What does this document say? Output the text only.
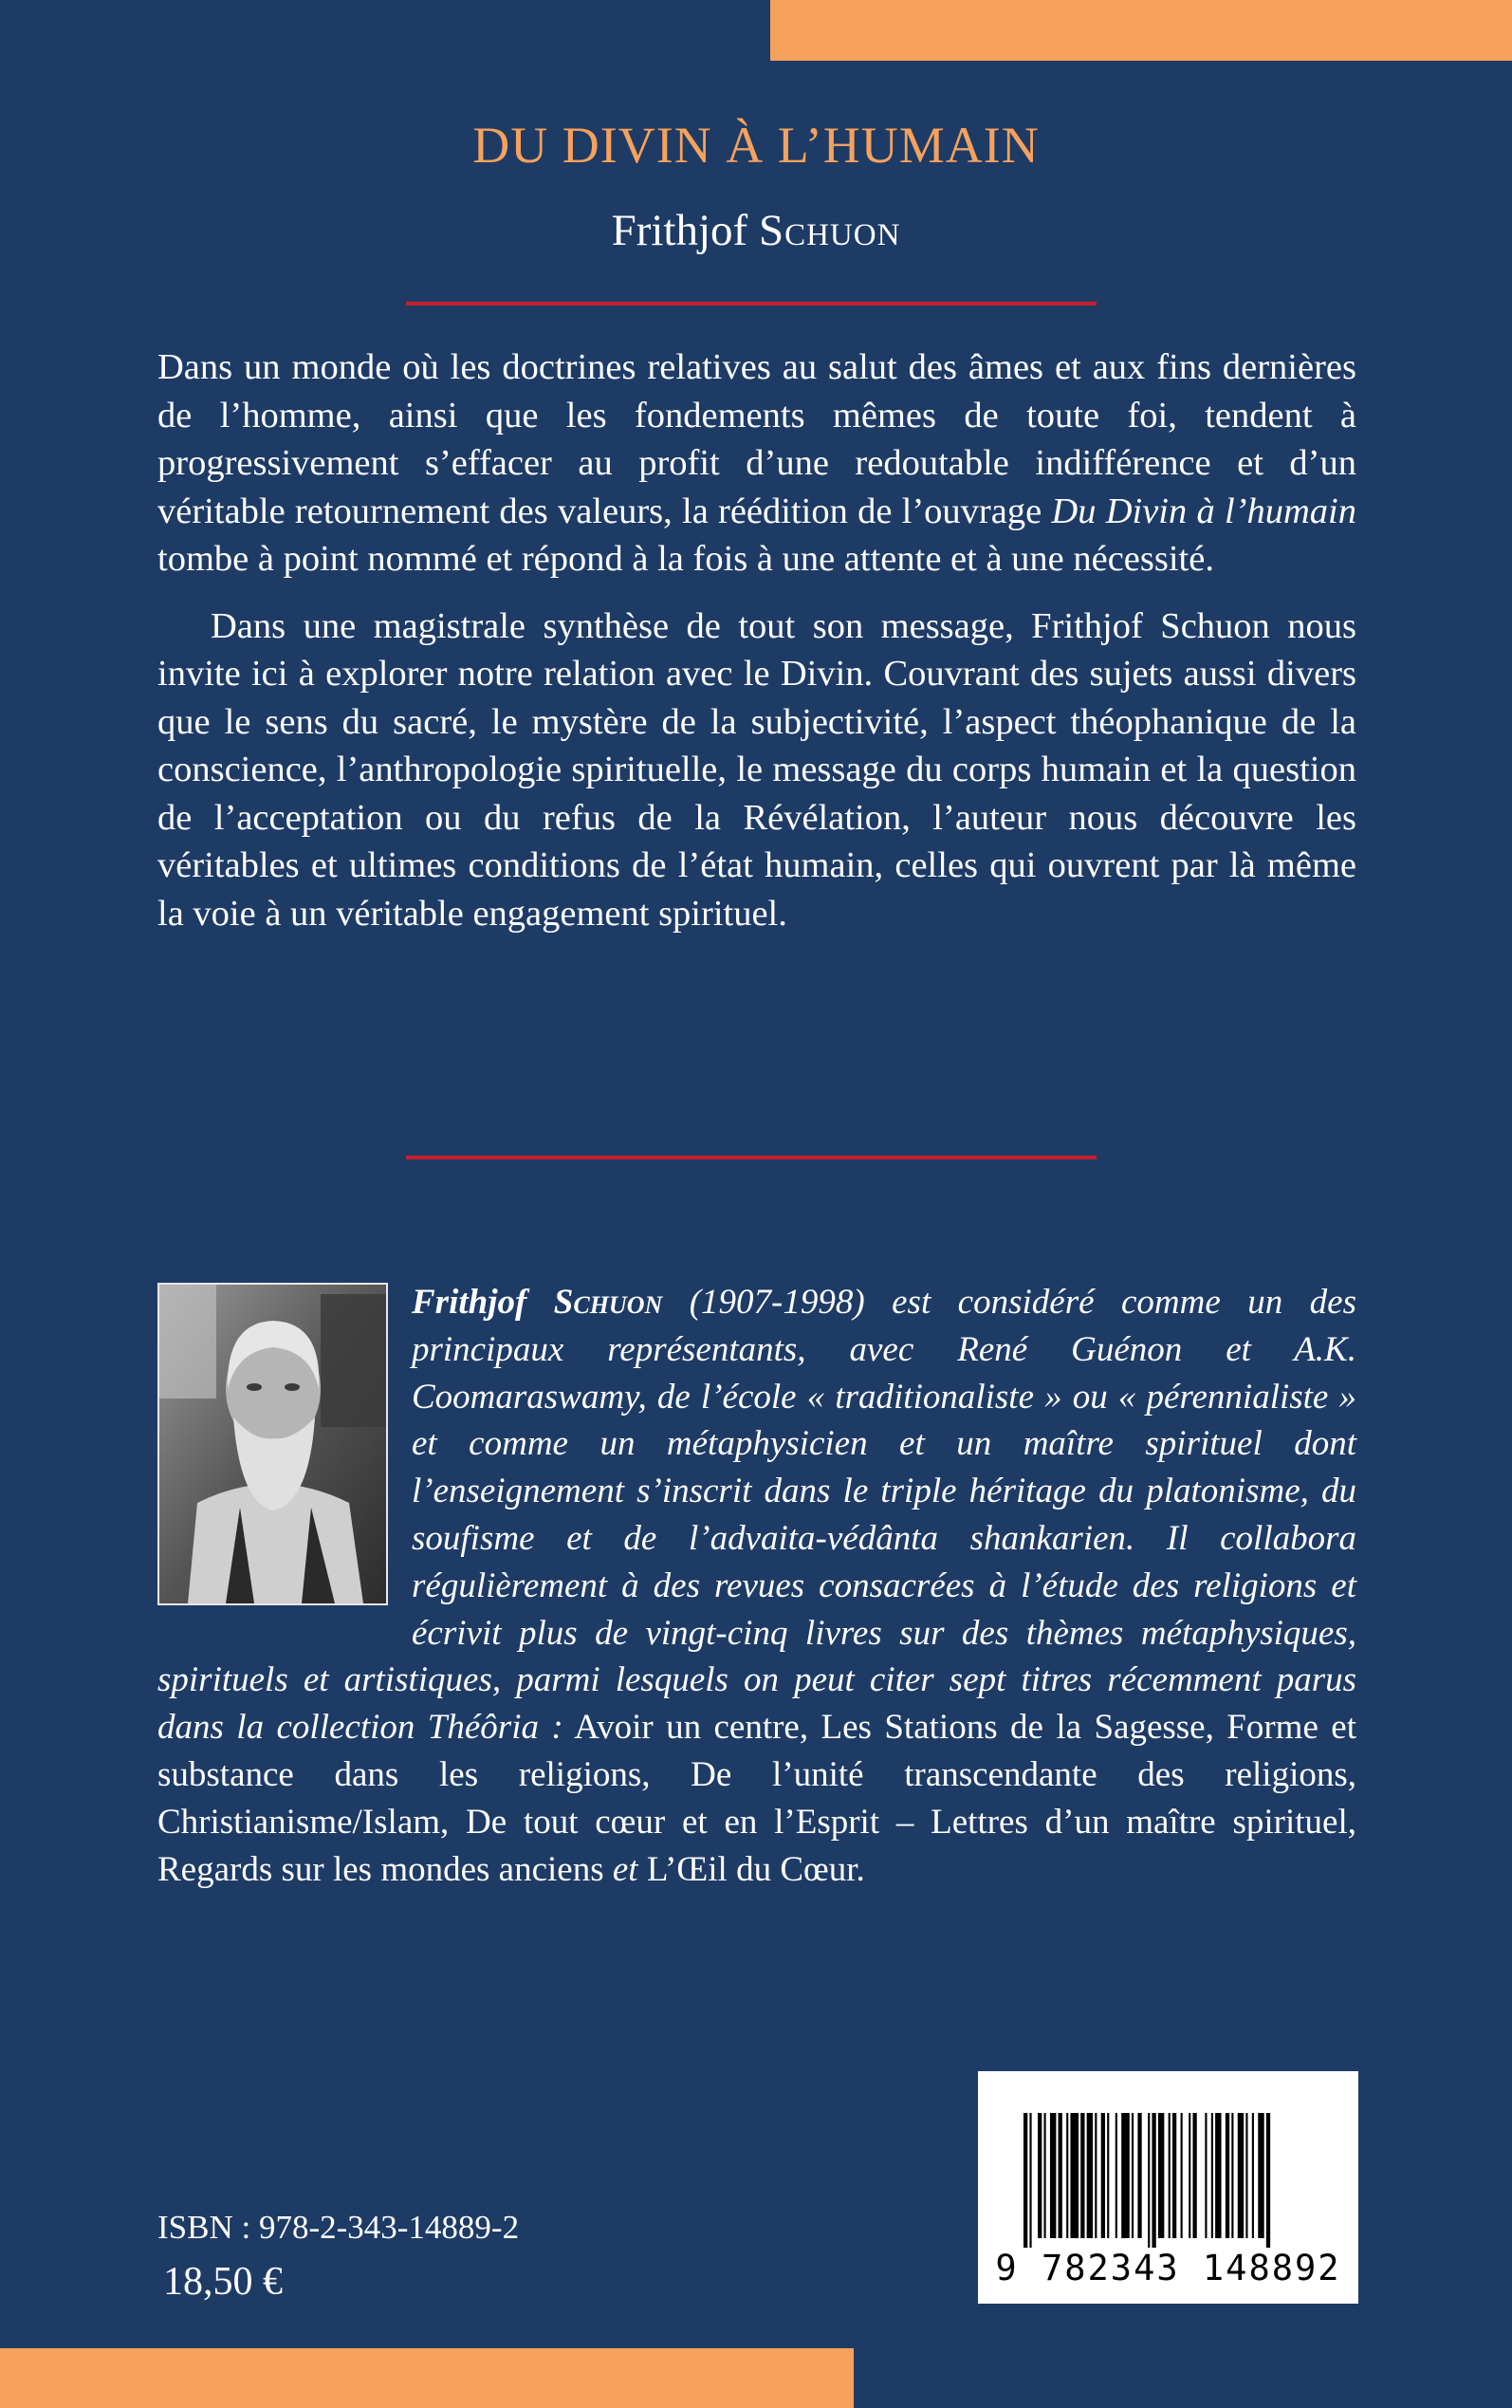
DU DIVIN À L’HUMAIN
Frithjof Schuon

Dans un monde où les doctrines relatives au salut des âmes et aux fins dernières de l’homme, ainsi que les fondements mêmes de toute foi, tendent à progressivement s’effacer au profit d’une redoutable indifférence et d’un véritable retournement des valeurs, la réédition de l’ouvrage Du Divin à l’humain tombe à point nommé et répond à la fois à une attente et à une nécessité.

Dans une magistrale synthèse de tout son message, Frithjof Schuon nous invite ici à explorer notre relation avec le Divin. Couvrant des sujets aussi divers que le sens du sacré, le mystère de la subjectivité, l’aspect théophanique de la conscience, l’anthropologie spirituelle, le message du corps humain et la question de l’acceptation ou du refus de la Révélation, l’auteur nous découvre les véritables et ultimes conditions de l’état humain, celles qui ouvrent par là même la voie à un véritable engagement spirituel.

Frithjof Schuon (1907-1998) est considéré comme un des principaux représentants, avec René Guénon et A.K. Coomaraswamy, de l’école « traditionaliste » ou « pérennialiste » et comme un métaphysicien et un maître spirituel dont l’enseignement s’inscrit dans le triple héritage du platonisme, du soufisme et de l’advaita-védânta shankarien. Il collabora régulièrement à des revues consacrées à l’étude des religions et écrivit plus de vingt-cinq livres sur des thèmes métaphysiques, spirituels et artistiques, parmi lesquels on peut citer sept titres récemment parus dans la collection Théôria : Avoir un centre, Les Stations de la Sagesse, Forme et substance dans les religions, De l’unité transcendante des religions, Christianisme/Islam, De tout cœur et en l’Esprit – Lettres d’un maître spirituel, Regards sur les mondes anciens et L’Œil du Cœur.

9 782343 148892

ISBN : 978-2-343-14889-2

18,50 €
